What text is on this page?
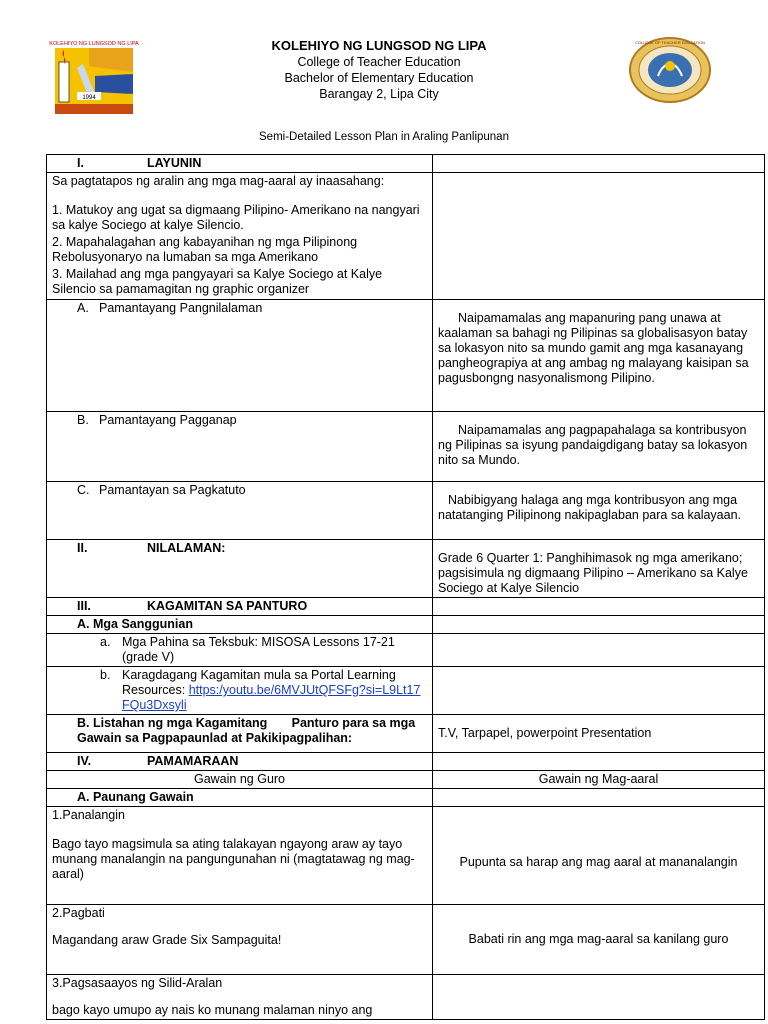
KOLEHIYO NG LUNGSOD NG LIPA
1994
KOLEHIYO NG LUNGSOD NG LIPA
College of Teacher Education
Bachelor of Elementary Education
Barangay 2, Lipa City
COLLEGE OF TEACHER EDUCATION
Semi-Detailed Lesson Plan in Araling Panlipunan
I. LAYUNIN	

Sa pagtatapos ng aralin ang mga mag-aaral ay inaasahang:
1. Matukoy ang ugat sa digmaang Pilipino- Amerikano na nangyari sa kalye Sociego at kalye Silencio.
2. Mapahalagahan ang kabayanihan ng mga Pilipinong Rebolusyonaryo na lumaban sa mga Amerikano
3. Mailahad ang mga pangyayari sa Kalye Sociego at Kalye Silencio sa pamamagitan ng graphic organizer	

A. Pamantayang Pangnilalaman	Naipamamalas ang mapanuring pang unawa at kaalaman sa bahagi ng Pilipinas sa globalisasyon batay sa lokasyon nito sa mundo gamit ang mga kasanayang pangheograpiya at ang ambag ng malayang kaisipan sa pagusbongng nasyonalismong Pilipino.

B. Pamantayang Pagganap	Naipamamalas ang pagpapahalaga sa kontribusyon ng Pilipinas sa isyung pandaigdigang batay sa lokasyon nito sa Mundo.

C. Pamantayan sa Pagkatuto	Nabibigyang halaga ang mga kontribusyon ang mga natatanging Pilipinong nakipaglaban para sa kalayaan.

II. NILALAMAN:	Grade 6 Quarter 1: Panghihimasok ng mga amerikano; pagsisimula ng digmaang Pilipino – Amerikano sa Kalye Sociego at Kalye Silencio

III. KAGAMITAN SA PANTURO	

A. Mga Sanggunian	

a. Mga Pahina sa Teksbuk: MISOSA Lessons 17-21 (grade V)	

b. Karagdagang Kagamitan mula sa Portal Learning Resources: https:/youtu.be/6MVJUtQFSFg?si=L9Lt17FQu3Dxsyli	

B. Listahan ng mga Kagamitang       Panturo para sa mga Gawain sa Pagpapaunlad at Pakikipagpalihan:	T.V, Tarpapel, powerpoint Presentation

IV. PAMAMARAAN	

Gawain ng Guro	Gawain ng Mag-aaral

A. Paunang Gawain	

1.Panalangin
Bago tayo magsimula sa ating talakayan ngayong araw ay tayo munang manalangin na pangungunahan ni (magtatawag ng mag-aaral)	Pupunta sa harap ang mag aaral at mananalangin

2.Pagbati
Magandang araw Grade Six Sampaguita!	Babati rin ang mga mag-aaral sa kanilang guro

3.Pagsasaayos ng Silid-Aralan
bago kayo umupo ay nais ko munang malaman ninyo ang	
